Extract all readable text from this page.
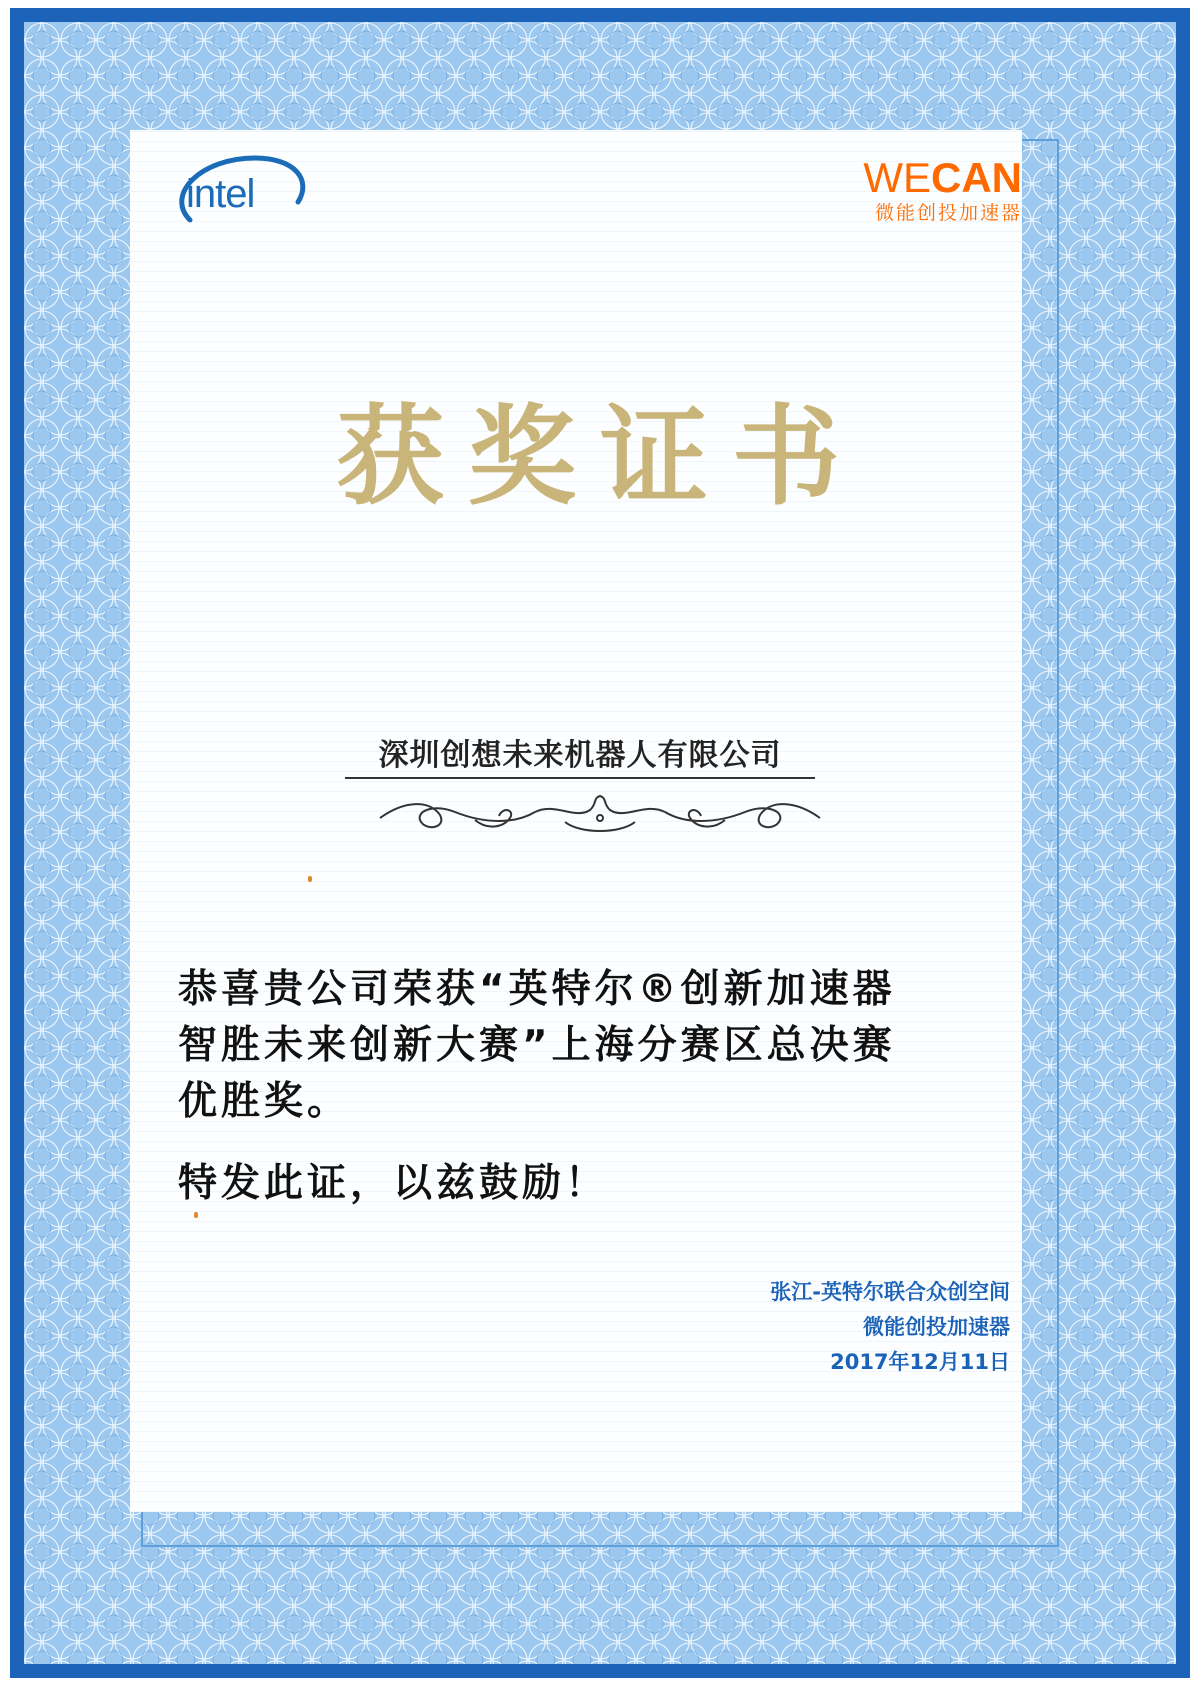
intel	WECAN
微能创投加速器
获奖证书
深圳创想未来机器人有限公司
恭喜贵公司荣获“英特尔®创新加速器
智胜未来创新大赛”上海分赛区总决赛
优胜奖。
特发此证，以兹鼓励！
张江-英特尔联合众创空间
微能创投加速器
2017年12月11日
